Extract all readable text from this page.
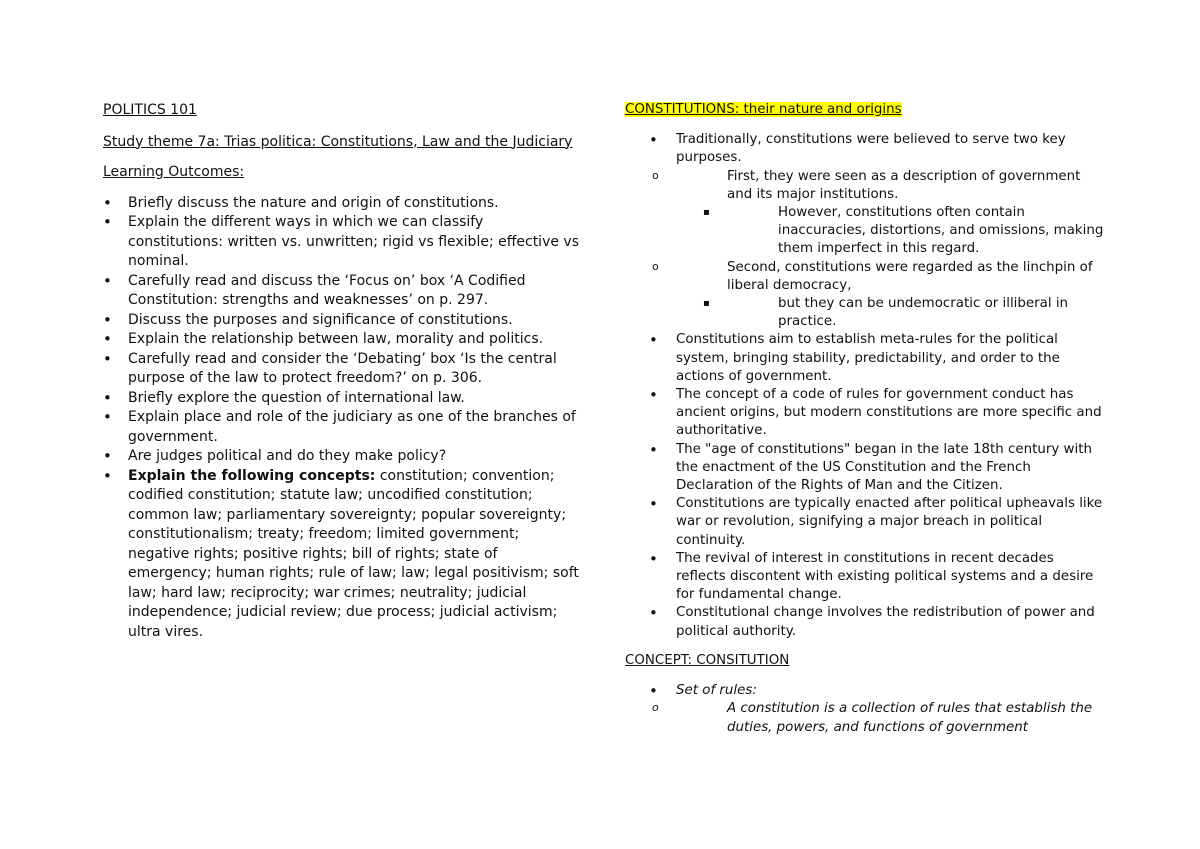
POLITICS 101

Study theme 7a: Trias politica: Constitutions, Law and the Judiciary

Learning Outcomes:

• Briefly discuss the nature and origin of constitutions.
• Explain the different ways in which we can classify constitutions: written vs. unwritten; rigid vs flexible; effective vs nominal.
• Carefully read and discuss the ‘Focus on’ box ‘A Codified Constitution: strengths and weaknesses’ on p. 297.
• Discuss the purposes and significance of constitutions.
• Explain the relationship between law, morality and politics.
• Carefully read and consider the ‘Debating’ box ‘Is the central purpose of the law to protect freedom?’ on p. 306.
• Briefly explore the question of international law.
• Explain place and role of the judiciary as one of the branches of government.
• Are judges political and do they make policy?
• Explain the following concepts: constitution; convention; codified constitution; statute law; uncodified constitution; common law; parliamentary sovereignty; popular sovereignty; constitutionalism; treaty; freedom; limited government; negative rights; positive rights; bill of rights; state of emergency; human rights; rule of law; law; legal positivism; soft law; hard law; reciprocity; war crimes; neutrality; judicial independence; judicial review; due process; judicial activism; ultra vires.

CONSTITUTIONS: their nature and origins

• Traditionally, constitutions were believed to serve two key purposes.
o First, they were seen as a description of government and its major institutions.
▪ However, constitutions often contain inaccuracies, distortions, and omissions, making them imperfect in this regard.
o Second, constitutions were regarded as the linchpin of liberal democracy,
▪ but they can be undemocratic or illiberal in practice.
• Constitutions aim to establish meta-rules for the political system, bringing stability, predictability, and order to the actions of government.
• The concept of a code of rules for government conduct has ancient origins, but modern constitutions are more specific and authoritative.
• The "age of constitutions" began in the late 18th century with the enactment of the US Constitution and the French Declaration of the Rights of Man and the Citizen.
• Constitutions are typically enacted after political upheavals like war or revolution, signifying a major breach in political continuity.
• The revival of interest in constitutions in recent decades reflects discontent with existing political systems and a desire for fundamental change.
• Constitutional change involves the redistribution of power and political authority.

CONCEPT: CONSITUTION

• Set of rules:
o A constitution is a collection of rules that establish the duties, powers, and functions of government
